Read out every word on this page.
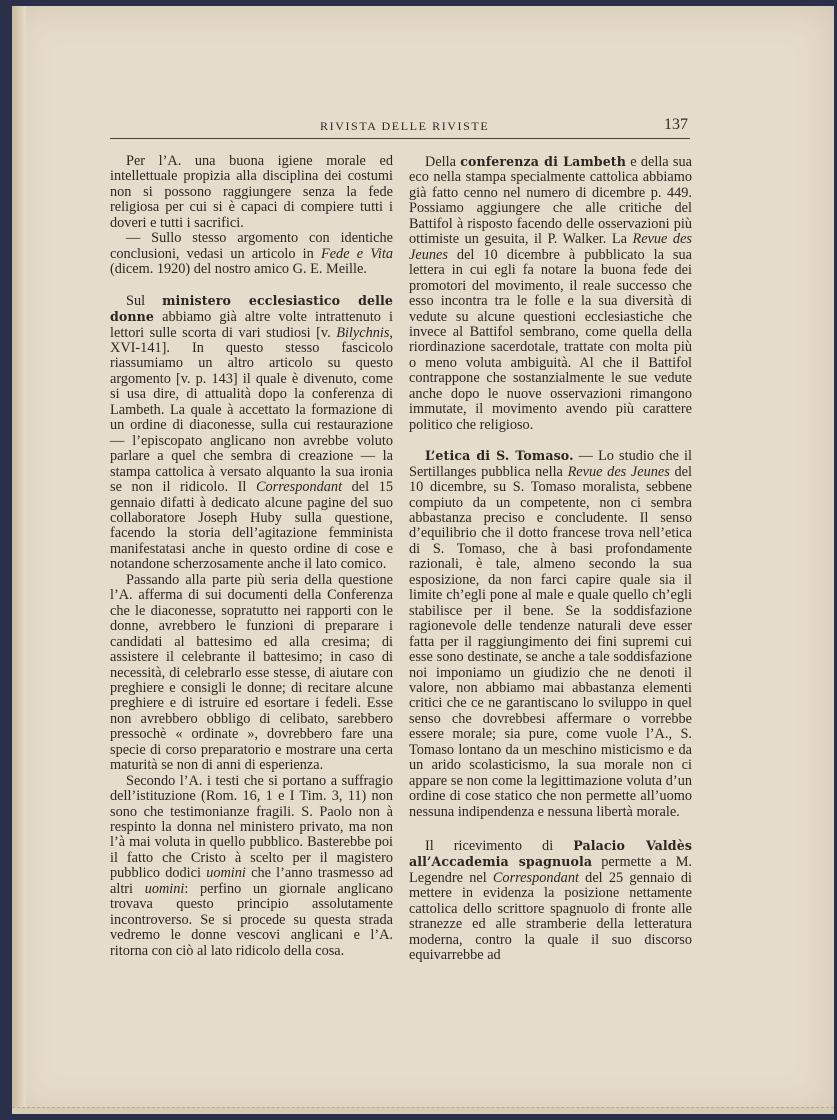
RIVISTA DELLE RIVISTE	137

Per l’A. una buona igiene morale ed intellettuale propizia alla disciplina dei costumi non si possono raggiungere senza la fede religiosa per cui si è capaci di compiere tutti i doveri e tutti i sacrifici.

— Sullo stesso argomento con identiche conclusioni, vedasi un articolo in Fede e Vita (dicem. 1920) del nostro amico G. E. Meille.

Sul ministero ecclesiastico delle donne abbiamo già altre volte intrattenuto i lettori sulle scorta di vari studiosi [v. Bilychnis, XVI-141]. In questo stesso fascicolo riassumiamo un altro articolo su questo argomento [v. p. 143] il quale è divenuto, come si usa dire, di attualità dopo la conferenza di Lambeth. La quale à accettato la formazione di un ordine di diaconesse, sulla cui restaurazione — l’episcopato anglicano non avrebbe voluto parlare a quel che sembra di creazione — la stampa cattolica à versato alquanto la sua ironia se non il ridicolo. Il Correspondant del 15 gennaio difatti à dedicato alcune pagine del suo collaboratore Joseph Huby sulla questione, facendo la storia dell’agitazione femminista manifestatasi anche in questo ordine di cose e notandone scherzosamente anche il lato comico.

Passando alla parte più seria della questione l’A. afferma di sui documenti della Conferenza che le diaconesse, sopratutto nei rapporti con le donne, avrebbero le funzioni di preparare i candidati al battesimo ed alla cresima; di assistere il celebrante il battesimo; in caso di necessità, di celebrarlo esse stesse, di aiutare con preghiere e consigli le donne; di recitare alcune preghiere e di istruire ed esortare i fedeli. Esse non avrebbero obbligo di celibato, sarebbero pressochè « ordinate », dovrebbero fare una specie di corso preparatorio e mostrare una certa maturità se non di anni di esperienza.

Secondo l’A. i testi che si portano a suffragio dell’istituzione (Rom. 16, 1 e I Tim. 3, 11) non sono che testimonianze fragili. S. Paolo non à respinto la donna nel ministero privato, ma non l’à mai voluta in quello pubblico. Basterebbe poi il fatto che Cristo à scelto per il magistero pubblico dodici uomini che l’anno trasmesso ad altri uomini: perfino un giornale anglicano trovava questo principio assolutamente incontroverso. Se si procede su questa strada vedremo le donne vescovi anglicani e l’A. ritorna con ciò al lato ridicolo della cosa.

Della conferenza di Lambeth e della sua eco nella stampa specialmente cattolica abbiamo già fatto cenno nel numero di dicembre p. 449. Possiamo aggiungere che alle critiche del Battifol à risposto facendo delle osservazioni più ottimiste un gesuita, il P. Walker. La Revue des Jeunes del 10 dicembre à pubblicato la sua lettera in cui egli fa notare la buona fede dei promotori del movimento, il reale successo che esso incontra tra le folle e la sua diversità di vedute su alcune questioni ecclesiastiche che invece al Battifol sembrano, come quella della riordinazione sacerdotale, trattate con molta più o meno voluta ambiguità. Al che il Battifol contrappone che sostanzialmente le sue vedute anche dopo le nuove osservazioni rimangono immutate, il movimento avendo più carattere politico che religioso.

L’etica di S. Tomaso. — Lo studio che il Sertillanges pubblica nella Revue des Jeunes del 10 dicembre, su S. Tomaso moralista, sebbene compiuto da un competente, non ci sembra abbastanza preciso e concludente. Il senso d’equilibrio che il dotto francese trova nell’etica di S. Tomaso, che à basi profondamente razionali, è tale, almeno secondo la sua esposizione, da non farci capire quale sia il limite ch’egli pone al male e quale quello ch’egli stabilisce per il bene. Se la soddisfazione ragionevole delle tendenze naturali deve esser fatta per il raggiungimento dei fini supremi cui esse sono destinate, se anche a tale soddisfazione noi imponiamo un giudizio che ne denoti il valore, non abbiamo mai abbastanza elementi critici che ce ne garantiscano lo sviluppo in quel senso che dovrebbesi affermare o vorrebbe essere morale; sia pure, come vuole l’A., S. Tomaso lontano da un meschino misticismo e da un arido scolasticismo, la sua morale non ci appare se non come la legittimazione voluta d’un ordine di cose statico che non permette all’uomo nessuna indipendenza e nessuna libertà morale.

Il ricevimento di Palacio Valdès all’Accademia spagnuola permette a M. Legendre nel Correspondant del 25 gennaio di mettere in evidenza la posizione nettamente cattolica dello scrittore spagnuolo di fronte alle stranezze ed alle stramberie della letteratura moderna, contro la quale il suo discorso equivarrebbe ad
